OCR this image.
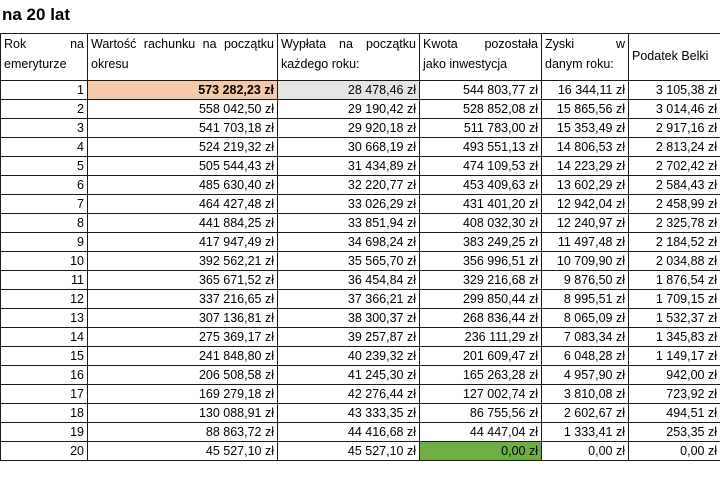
na 20 lat
Rok na emeryturze	Wartość rachunku na początku okresu	Wypłata na początku każdego roku:	Kwota pozostała jako inwestycja	Zyski w danym roku:	Podatek Belki

1	573 282,23 zł	28 478,46 zł	544 803,77 zł	16 344,11 zł	3 105,38 zł
2	558 042,50 zł	29 190,42 zł	528 852,08 zł	15 865,56 zł	3 014,46 zł
3	541 703,18 zł	29 920,18 zł	511 783,00 zł	15 353,49 zł	2 917,16 zł
4	524 219,32 zł	30 668,19 zł	493 551,13 zł	14 806,53 zł	2 813,24 zł
5	505 544,43 zł	31 434,89 zł	474 109,53 zł	14 223,29 zł	2 702,42 zł
6	485 630,40 zł	32 220,77 zł	453 409,63 zł	13 602,29 zł	2 584,43 zł
7	464 427,48 zł	33 026,29 zł	431 401,20 zł	12 942,04 zł	2 458,99 zł
8	441 884,25 zł	33 851,94 zł	408 032,30 zł	12 240,97 zł	2 325,78 zł
9	417 947,49 zł	34 698,24 zł	383 249,25 zł	11 497,48 zł	2 184,52 zł
10	392 562,21 zł	35 565,70 zł	356 996,51 zł	10 709,90 zł	2 034,88 zł
11	365 671,52 zł	36 454,84 zł	329 216,68 zł	9 876,50 zł	1 876,54 zł
12	337 216,65 zł	37 366,21 zł	299 850,44 zł	8 995,51 zł	1 709,15 zł
13	307 136,81 zł	38 300,37 zł	268 836,44 zł	8 065,09 zł	1 532,37 zł
14	275 369,17 zł	39 257,87 zł	236 111,29 zł	7 083,34 zł	1 345,83 zł
15	241 848,80 zł	40 239,32 zł	201 609,47 zł	6 048,28 zł	1 149,17 zł
16	206 508,58 zł	41 245,30 zł	165 263,28 zł	4 957,90 zł	942,00 zł
17	169 279,18 zł	42 276,44 zł	127 002,74 zł	3 810,08 zł	723,92 zł
18	130 088,91 zł	43 333,35 zł	86 755,56 zł	2 602,67 zł	494,51 zł
19	88 863,72 zł	44 416,68 zł	44 447,04 zł	1 333,41 zł	253,35 zł
20	45 527,10 zł	45 527,10 zł	0,00 zł	0,00 zł	0,00 zł
